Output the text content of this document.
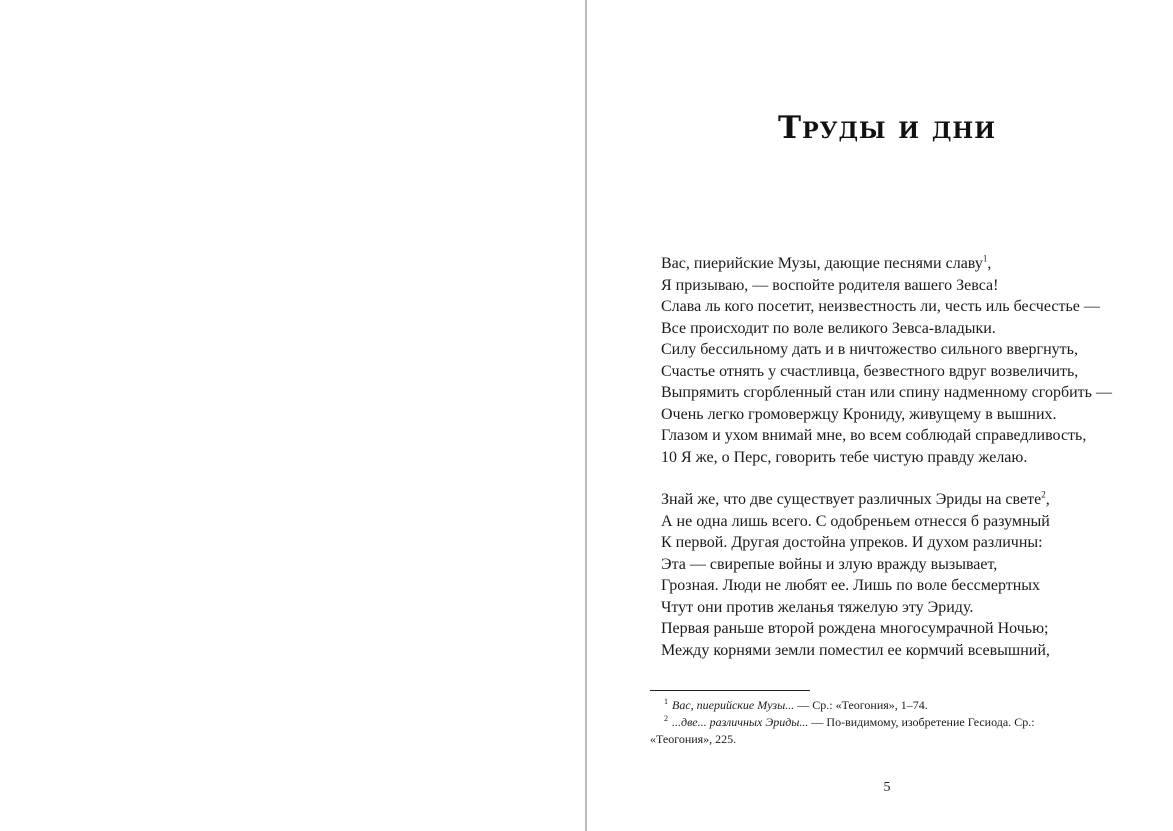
Труды и дни
Вас, пиерийские Музы, дающие песнями славу$^1$,
Я призываю, — воспойте родителя вашего Зевса!
Слава ль кого посетит, неизвестность ли, честь иль бесчестье —
Все происходит по воле великого Зевса-владыки.
Силу бессильному дать и в ничтожество сильного ввергнуть,
Счастье отнять у счастливца, безвестного вдруг возвеличить,
Выпрямить сгорбленный стан или спину надменному сгорбить —
Очень легко громовержцу Крониду, живущему в вышних.
Глазом и ухом внимай мне, во всем соблюдай справедливость,
10 Я же, о Перс, говорить тебе чистую правду желаю.
Знай же, что две существует различных Эриды на свете$^2$,
А не одна лишь всего. С одобреньем отнесся б разумный
К первой. Другая достойна упреков. И духом различны:
Эта — свирепые войны и злую вражду вызывает,
Грозная. Люди не любят ее. Лишь по воле бессмертных
Чтут они против желанья тяжелую эту Эриду.
Первая раньше второй рождена многосумрачной Ночью;
Между корнями земли поместил ее кормчий всевышний,

$^1$ Вас, пиерийские Музы... — Ср.: «Теогония», 1–74.

$^2$ ...две... различных Эриды... — По-видимому, изобретение Гесиода. Ср.: «Теогония», 225.

5
